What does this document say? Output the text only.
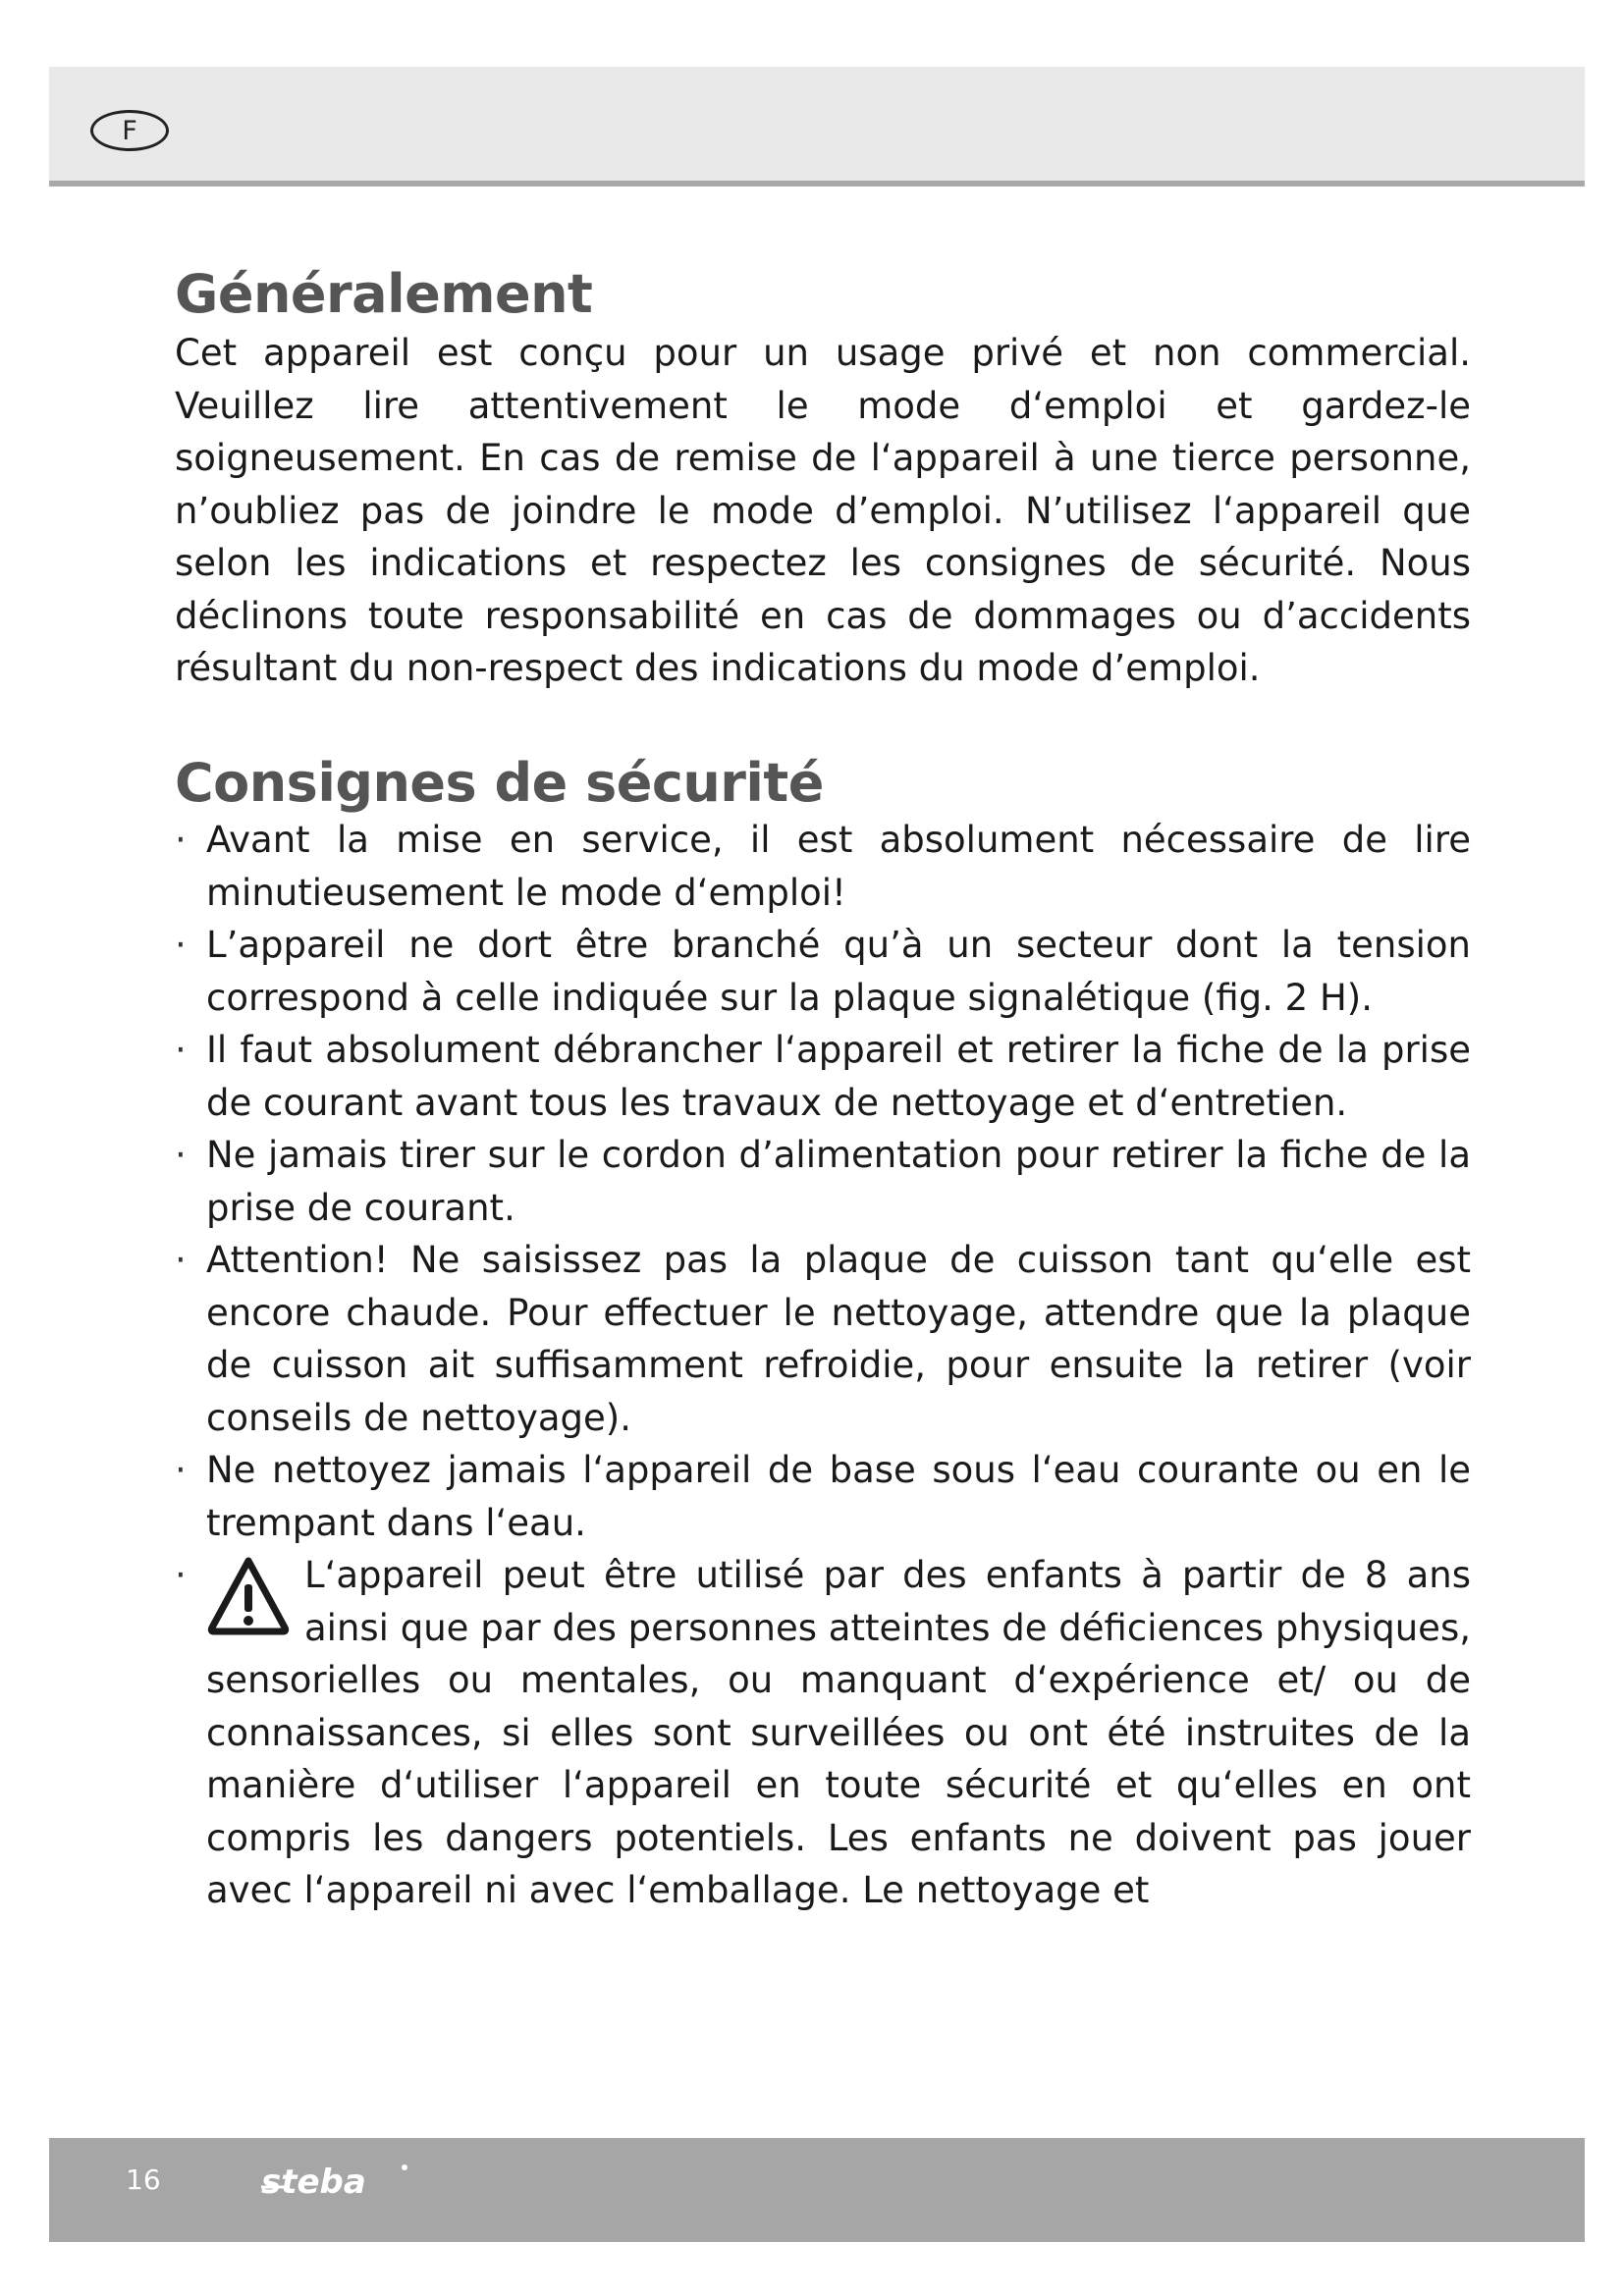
F
Généralement

Cet appareil est conçu pour un usage privé et non commercial. Veuillez lire attentivement le mode d‘emploi et gardez-le soigneusement. En cas de remise de l‘appareil à une tierce personne, n’oubliez pas de joindre le mode d’emploi. N’utilisez l‘appareil que selon les indications et respectez les consignes de sécurité. Nous déclinons toute responsabilité en cas de dommages ou d’accidents résultant du non-respect des indications du mode d’emploi.

Consignes de sécurité
· Avant la mise en service, il est absolument nécessaire de lire minutieusement le mode d‘emploi!
· L’appareil ne dort être branché qu’à un secteur dont la tension correspond à celle indiquée sur la plaque signalétique (fig. 2 H).
· Il faut absolument débrancher l‘appareil et retirer la fiche de la prise de courant avant tous les travaux de nettoyage et d‘entretien.
· Ne jamais tirer sur le cordon d’alimentation pour retirer la fiche de la prise de courant.
· Attention! Ne saisissez pas la plaque de cuisson tant qu‘elle est encore chaude. Pour effectuer le nettoyage, attendre que la plaque de cuisson ait suffisamment refroidie, pour ensuite la retirer (voir conseils de nettoyage).
· Ne nettoyez jamais l‘appareil de base sous l‘eau courante ou en le trempant dans l‘eau.
·	L‘appareil peut être utilisé par des enfants à partir de 8 ans ainsi que par des personnes atteintes de déficiences physiques, sensorielles ou mentales, ou manquant d‘expérience et/ ou de connaissances, si elles sont surveillées ou ont été instruites de la manière d‘utiliser l‘appareil en toute sécurité et qu‘elles en ont compris les dangers potentiels. Les enfants ne doivent pas jouer avec l‘appareil ni avec l‘emballage. Le nettoyage et
16	steba
